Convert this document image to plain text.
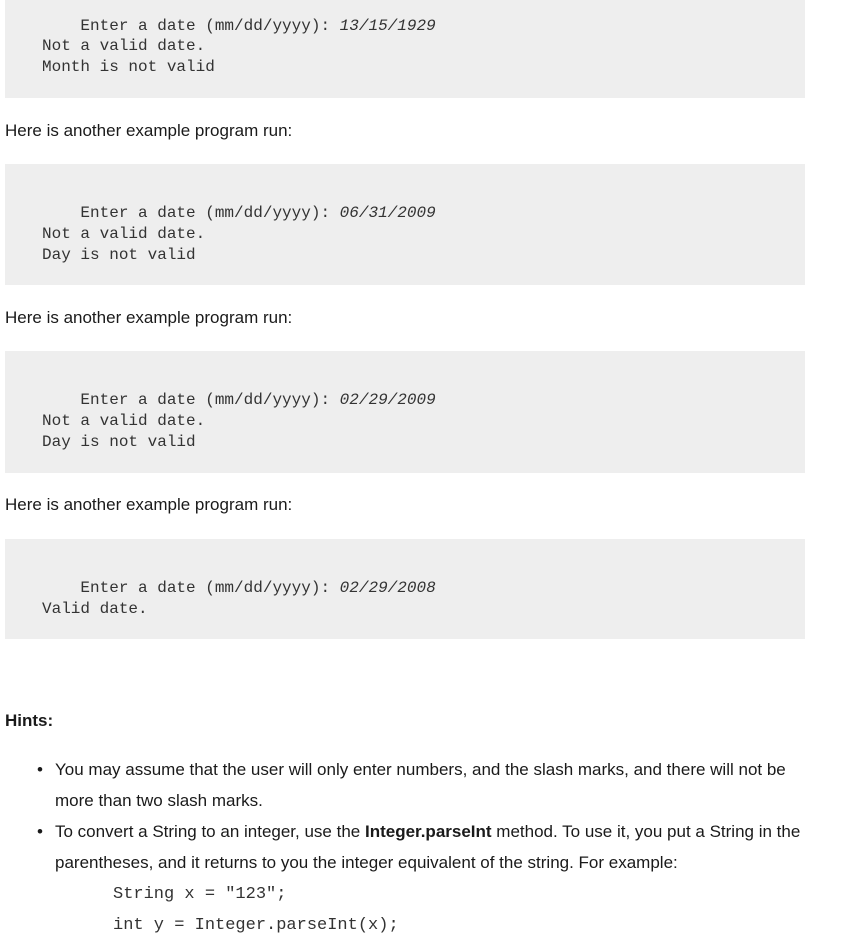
Enter a date (mm/dd/yyyy): 13/15/1929

Not a valid date.
Month is not valid
Here is another example program run:

Enter a date (mm/dd/yyyy): 06/31/2009

Not a valid date.
Day is not valid
Here is another example program run:

Enter a date (mm/dd/yyyy): 02/29/2009

Not a valid date.
Day is not valid
Here is another example program run:

Enter a date (mm/dd/yyyy): 02/29/2008

Valid date.
Hints:
• You may assume that the user will only enter numbers, and the slash marks, and there will not be more than two slash marks.
• To convert a String to an integer, use the Integer.parseInt method. To use it, you put a String in the parentheses, and it returns to you the integer equivalent of the string. For example:
String x = "123";
int y = Integer.parseInt(x);
